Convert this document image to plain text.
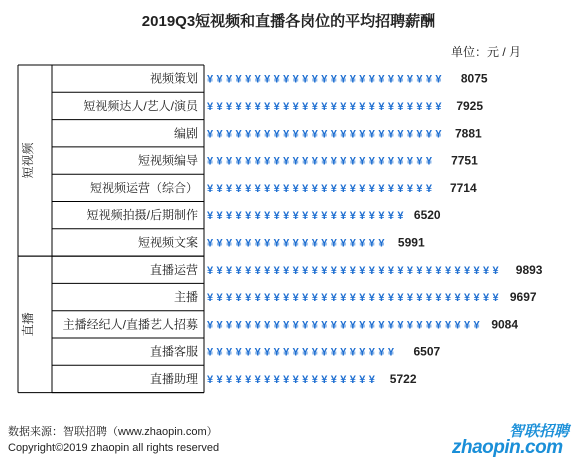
2019Q3短视频和直播各岗位的平均招聘薪酬
单位：元 / 月
短视频
视频策划 ¥¥¥¥¥¥¥¥¥¥¥¥¥¥¥¥¥¥¥¥¥¥¥¥¥ 8075
短视频达人/艺人/演员 ¥¥¥¥¥¥¥¥¥¥¥¥¥¥¥¥¥¥¥¥¥¥¥¥¥ 7925
编剧 ¥¥¥¥¥¥¥¥¥¥¥¥¥¥¥¥¥¥¥¥¥¥¥¥¥ 7881
短视频编导 ¥¥¥¥¥¥¥¥¥¥¥¥¥¥¥¥¥¥¥¥¥¥¥¥ 7751
短视频运营（综合） ¥¥¥¥¥¥¥¥¥¥¥¥¥¥¥¥¥¥¥¥¥¥¥¥ 7714
短视频拍摄/后期制作 ¥¥¥¥¥¥¥¥¥¥¥¥¥¥¥¥¥¥¥¥¥ 6520
短视频文案 ¥¥¥¥¥¥¥¥¥¥¥¥¥¥¥¥¥¥¥ 5991
直播
直播运营 ¥¥¥¥¥¥¥¥¥¥¥¥¥¥¥¥¥¥¥¥¥¥¥¥¥¥¥¥¥¥¥ 9893
主播 ¥¥¥¥¥¥¥¥¥¥¥¥¥¥¥¥¥¥¥¥¥¥¥¥¥¥¥¥¥¥¥ 9697
主播经纪人/直播艺人招募 ¥¥¥¥¥¥¥¥¥¥¥¥¥¥¥¥¥¥¥¥¥¥¥¥¥¥¥¥¥ 9084
直播客服 ¥¥¥¥¥¥¥¥¥¥¥¥¥¥¥¥¥¥¥¥ 6507
直播助理 ¥¥¥¥¥¥¥¥¥¥¥¥¥¥¥¥¥¥ 5722
数据来源：智联招聘（www.zhaopin.com）
Copyright©2019 zhaopin all rights reserved
智联招聘
zhaopin.com
